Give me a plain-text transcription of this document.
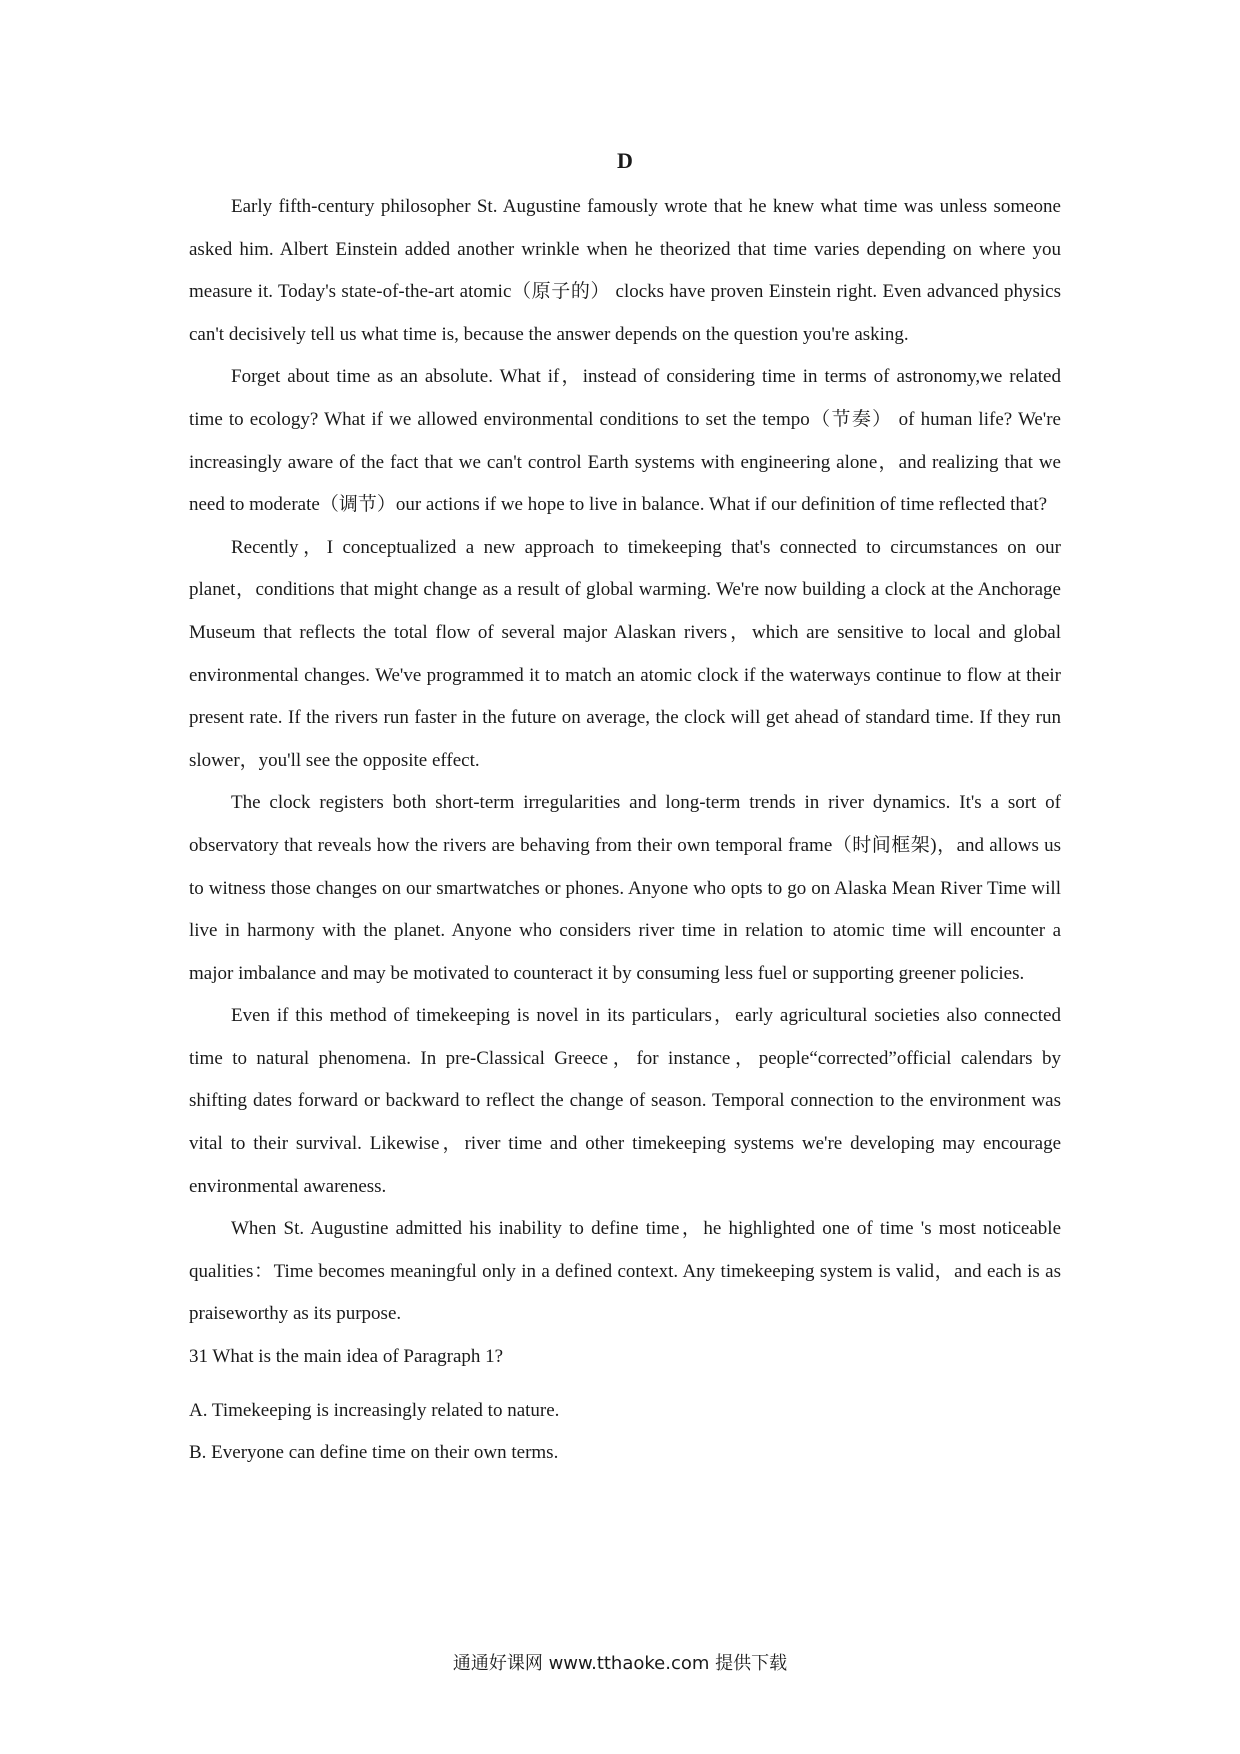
D

Early fifth-century philosopher St. Augustine famously wrote that he knew what time was unless someone asked him. Albert Einstein added another wrinkle when he theorized that time varies depending on where you measure it. Today's state-of-the-art atomic（原子的） clocks have proven Einstein right. Even advanced physics can't decisively tell us what time is, because the answer depends on the question you're asking.

Forget about time as an absolute. What if，instead of considering time in terms of astronomy,we related time to ecology? What if we allowed environmental conditions to set the tempo（节奏） of human life? We're increasingly aware of the fact that we can't control Earth systems with engineering alone，and realizing that we need to moderate（调节）our actions if we hope to live in balance. What if our definition of time reflected that?

Recently，I conceptualized a new approach to timekeeping that's connected to circumstances on our planet，conditions that might change as a result of global warming. We're now building a clock at the Anchorage Museum that reflects the total flow of several major Alaskan rivers，which are sensitive to local and global environmental changes. We've programmed it to match an atomic clock if the waterways continue to flow at their present rate. If the rivers run faster in the future on average, the clock will get ahead of standard time. If they run slower，you'll see the opposite effect.

The clock registers both short-term irregularities and long-term trends in river dynamics. It's a sort of observatory that reveals how the rivers are behaving from their own temporal frame（时间框架)，and allows us to witness those changes on our smartwatches or phones. Anyone who opts to go on Alaska Mean River Time will live in harmony with the planet. Anyone who considers river time in relation to atomic time will encounter a major imbalance and may be motivated to counteract it by consuming less fuel or supporting greener policies.

Even if this method of timekeeping is novel in its particulars，early agricultural societies also connected time to natural phenomena. In pre-Classical Greece，for instance，people“corrected”official calendars by shifting dates forward or backward to reflect the change of season. Temporal connection to the environment was vital to their survival. Likewise，river time and other timekeeping systems we're developing may encourage environmental awareness.

When St. Augustine admitted his inability to define time，he highlighted one of time 's most noticeable qualities：Time becomes meaningful only in a defined context. Any timekeeping system is valid，and each is as praiseworthy as its purpose.

31 What is the main idea of Paragraph 1?
A. Timekeeping is increasingly related to nature.
B. Everyone can define time on their own terms.
通通好课网 www.tthaoke.com 提供下载
